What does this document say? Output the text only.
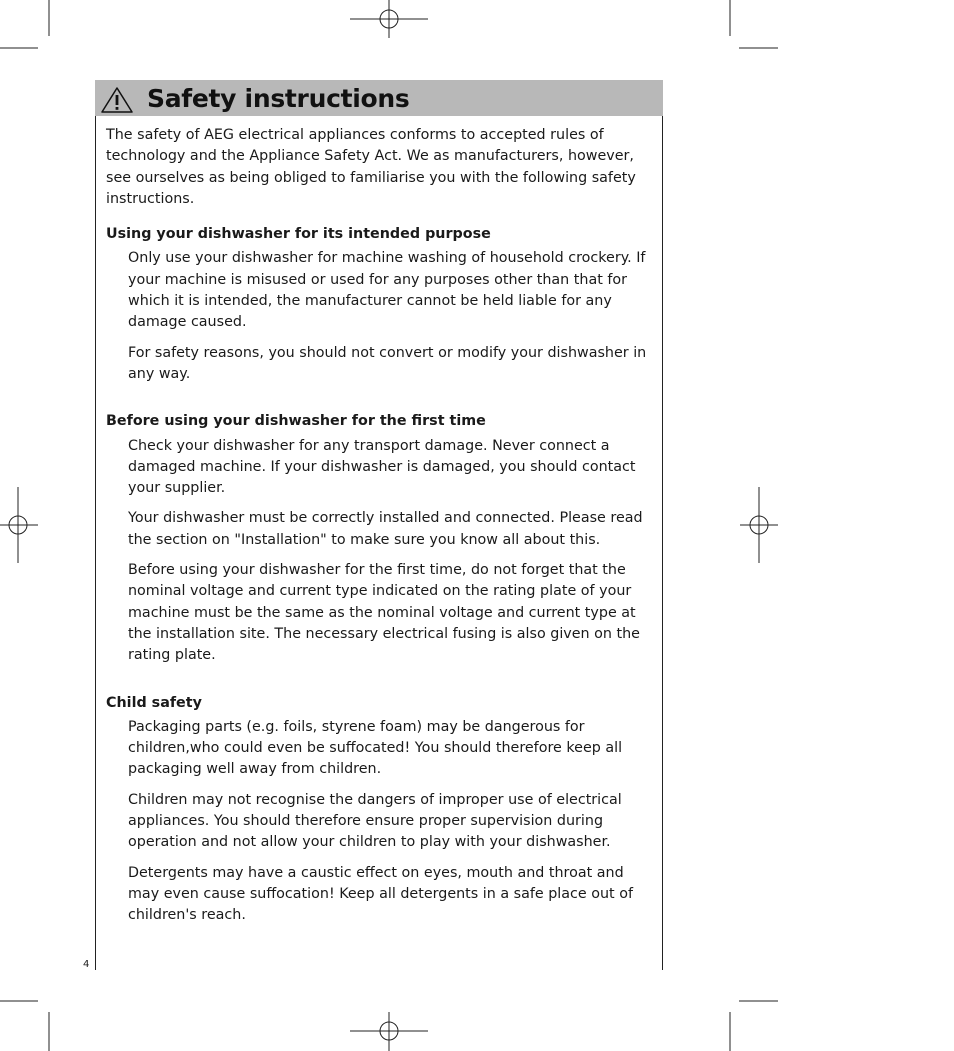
Safety instructions

The safety of AEG electrical appliances conforms to accepted rules of technology and the Appliance Safety Act. We as manufacturers, however, see ourselves as being obliged to familiarise you with the following safety instructions.

Using your dishwasher for its intended purpose

Only use your dishwasher for machine washing of household crockery. If your machine is misused or used for any purposes other than that for which it is intended, the manufacturer cannot be held liable for any damage caused.

For safety reasons, you should not convert or modify your dishwasher in any way.

Before using your dishwasher for the first time

Check your dishwasher for any transport damage. Never connect a damaged machine. If your dishwasher is damaged, you should contact your supplier.

Your dishwasher must be correctly installed and connected. Please read the section on "Installation" to make sure you know all about this.

Before using your dishwasher for the first time, do not forget that the nominal voltage and current type indicated on the rating plate of your machine must be the same as the nominal voltage and current type at the installation site. The necessary electrical fusing is also given on the rating plate.

Child safety

Packaging parts (e.g. foils, styrene foam) may be dangerous for children,who could even be suffocated! You should therefore keep all packaging well away from children.

Children may not recognise the dangers of improper use of electrical appliances. You should therefore ensure proper supervision during operation and not allow your children to play with your dishwasher.

Detergents may have a caustic effect on eyes, mouth and throat and may even cause suffocation! Keep all detergents in a safe place out of children's reach.

4
